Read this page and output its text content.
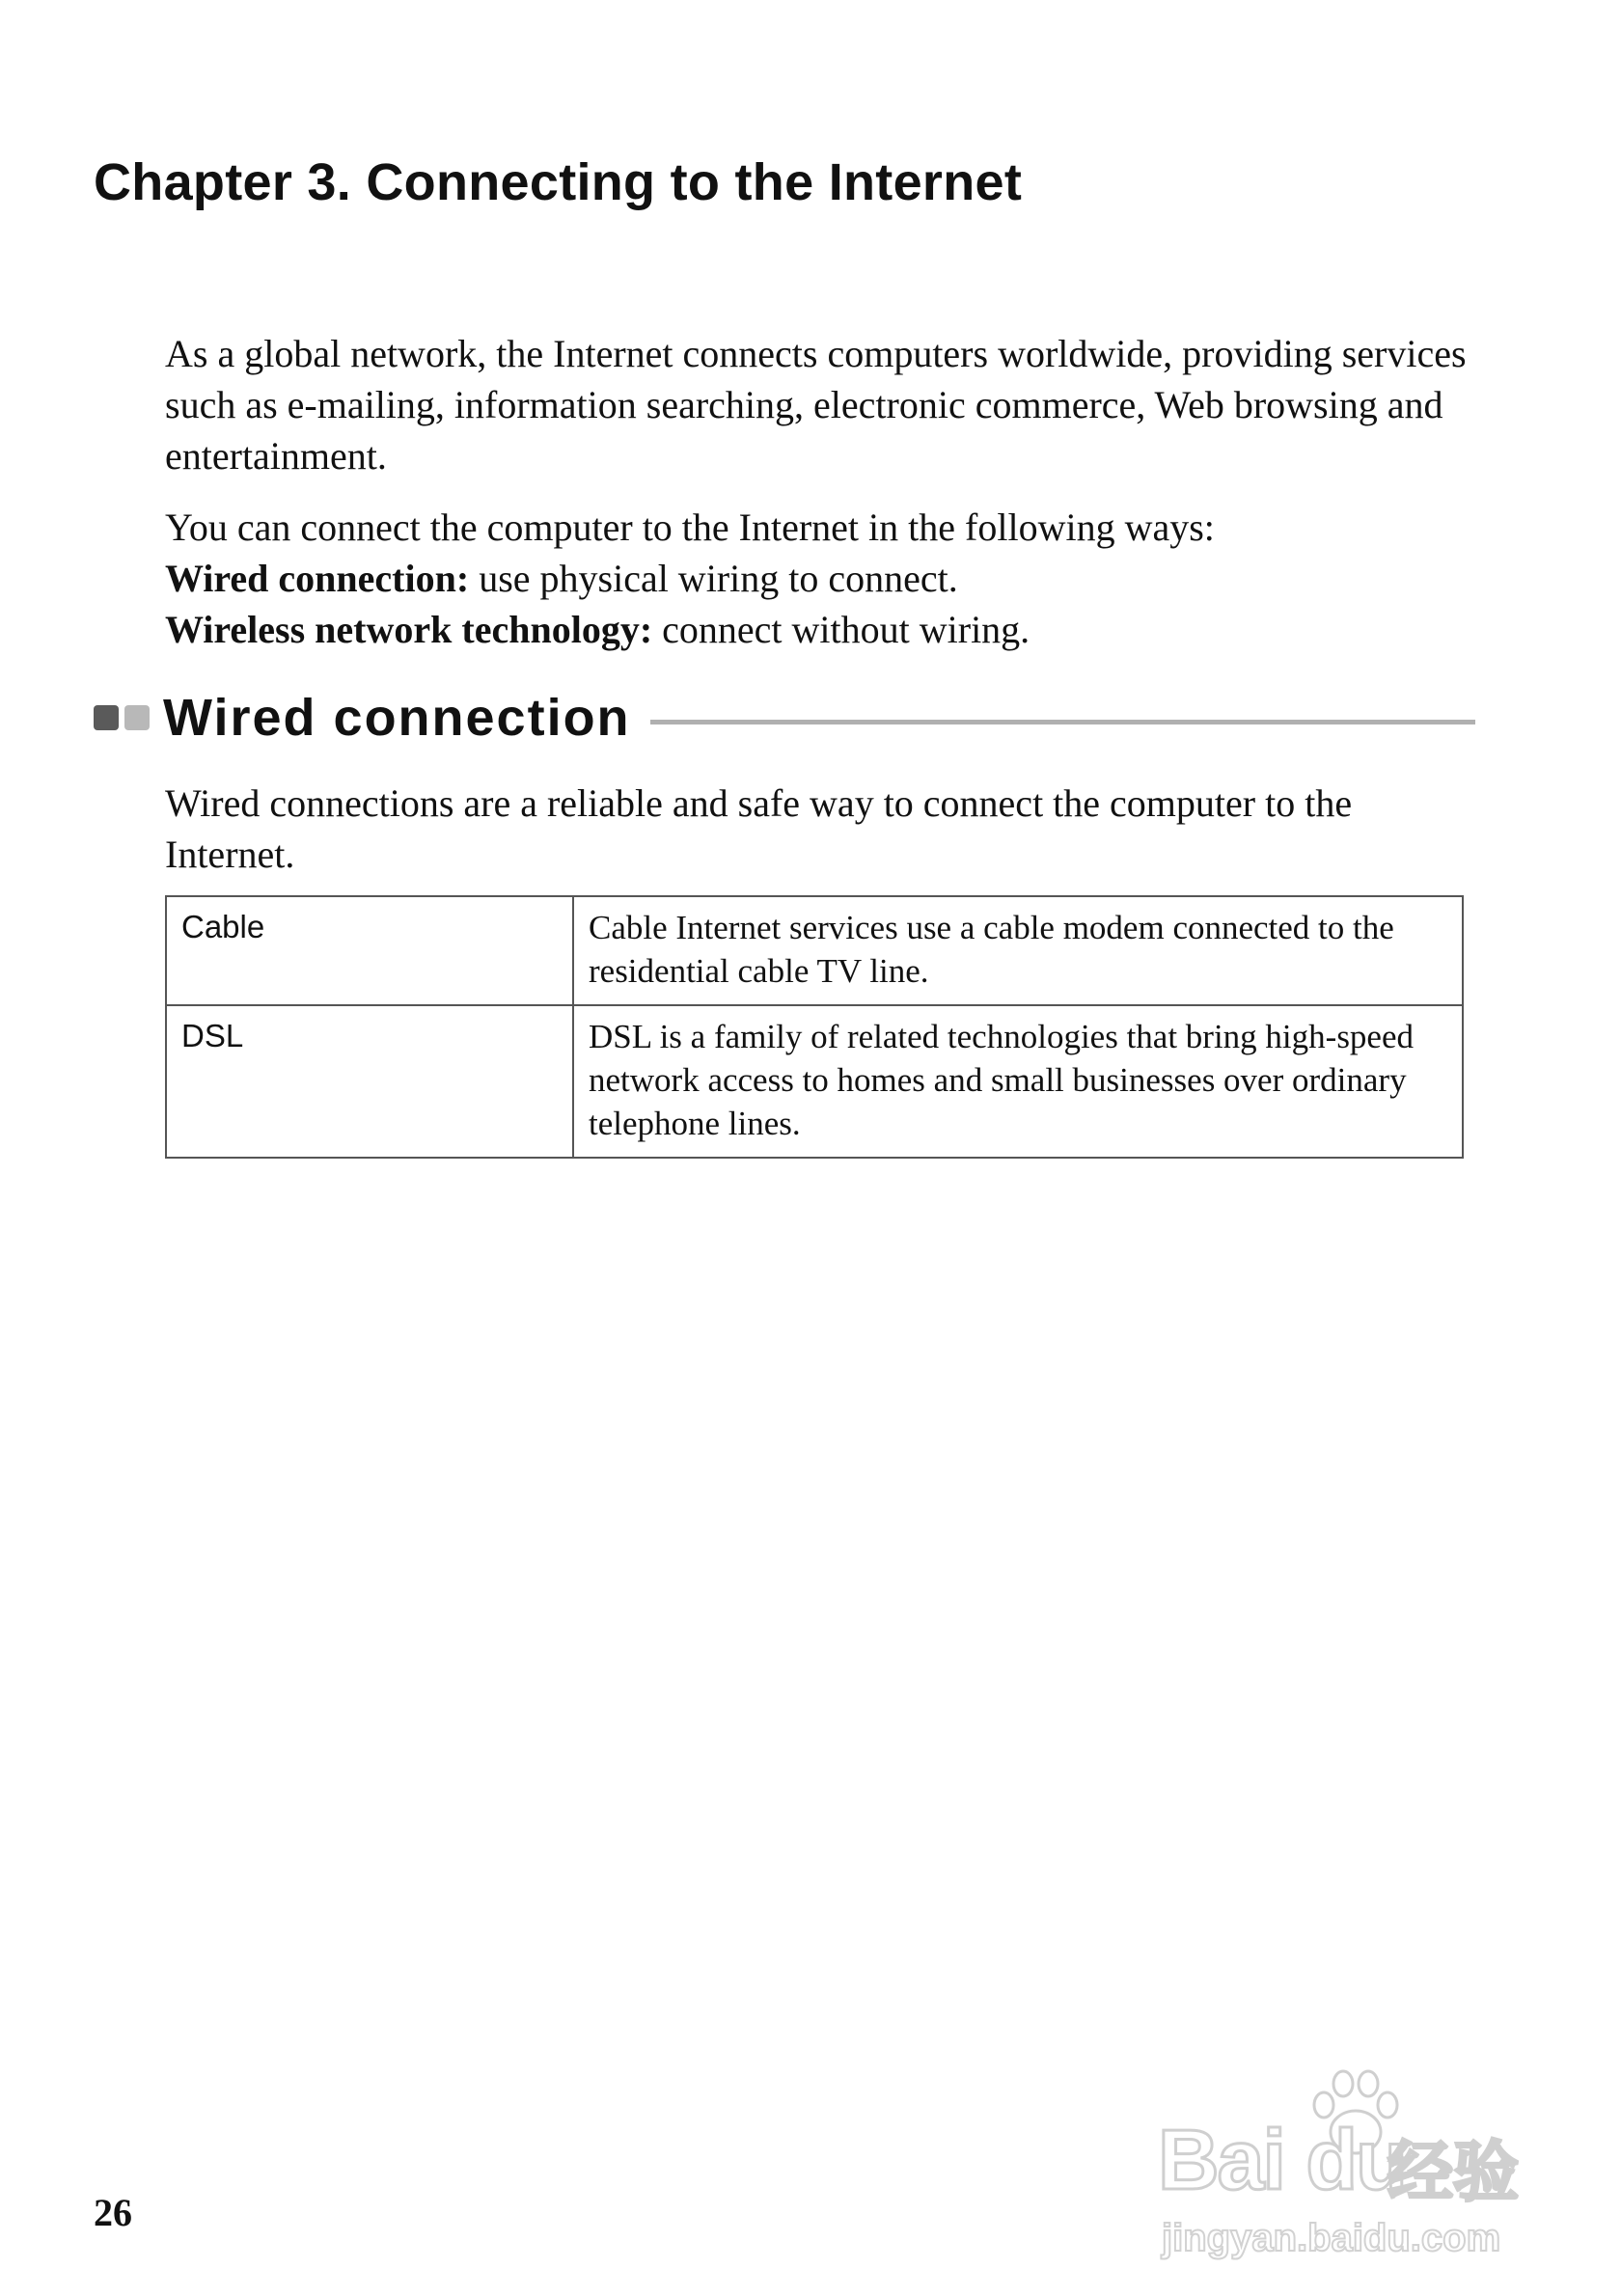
Chapter 3. Connecting to the Internet

As a global network, the Internet connects computers worldwide, providing services such as e-mailing, information searching, electronic commerce, Web browsing and entertainment.

You can connect the computer to the Internet in the following ways:

Wired connection: use physical wiring to connect.

Wireless network technology: connect without wiring.

Wired connection

Wired connections are a reliable and safe way to connect the computer to the Internet.

Cable	Cable Internet services use a cable modem connected to the residential cable TV line.
DSL	DSL is a family of related technologies that bring high-speed network access to homes and small businesses over ordinary telephone lines.
26
Bai du
经验
jingyan.baidu.com
